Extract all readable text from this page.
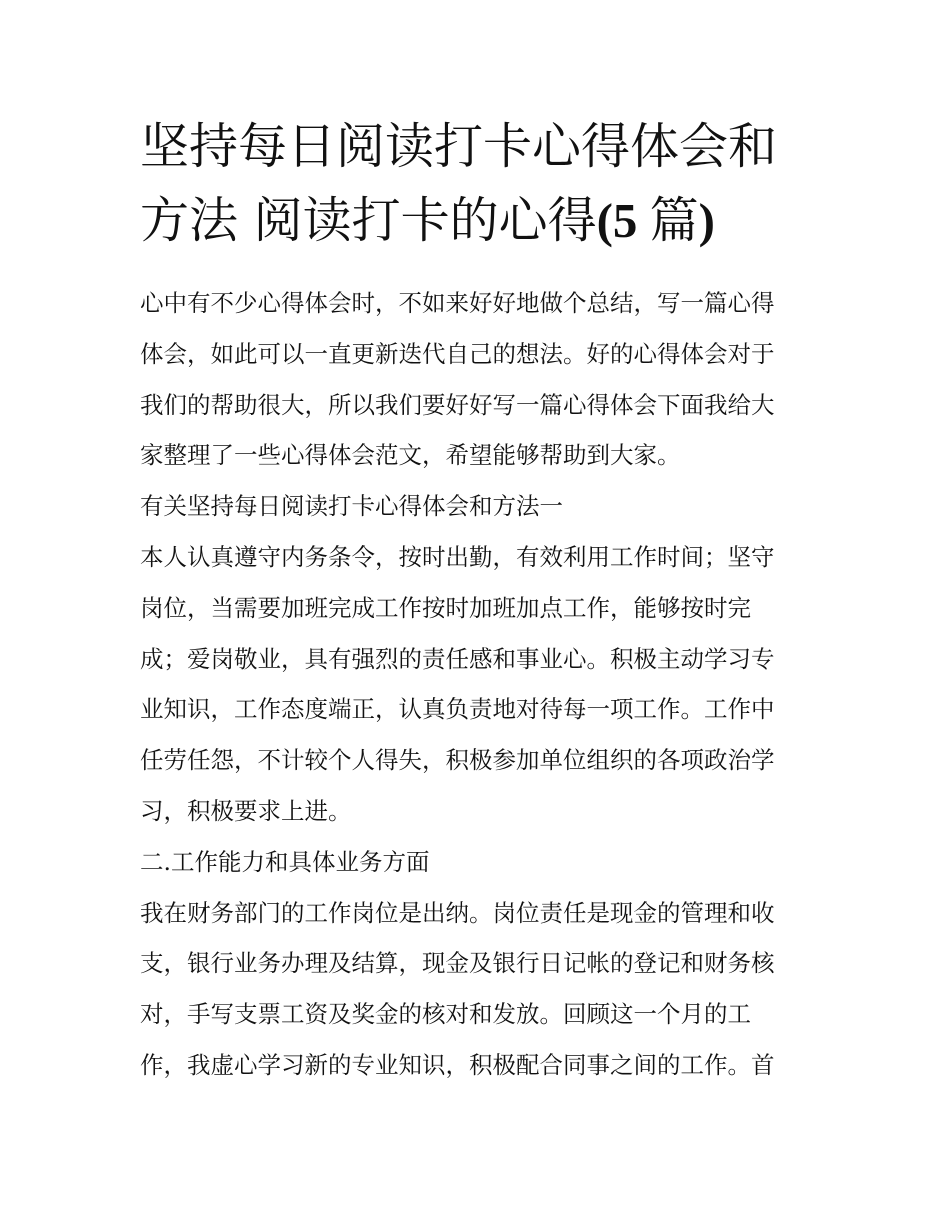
坚持每日阅读打卡心得体会和
方法 阅读打卡的心得(5 篇)
心中有不少心得体会时，不如来好好地做个总结，写一篇心得
体会，如此可以一直更新迭代自己的想法。好的心得体会对于
我们的帮助很大，所以我们要好好写一篇心得体会下面我给大
家整理了一些心得体会范文，希望能够帮助到大家。
有关坚持每日阅读打卡心得体会和方法一
本人认真遵守内务条令，按时出勤，有效利用工作时间；坚守
岗位，当需要加班完成工作按时加班加点工作，能够按时完
成；爱岗敬业，具有强烈的责任感和事业心。积极主动学习专
业知识，工作态度端正，认真负责地对待每一项工作。工作中
任劳任怨，不计较个人得失，积极参加单位组织的各项政治学
习，积极要求上进。
二.工作能力和具体业务方面
我在财务部门的工作岗位是出纳。岗位责任是现金的管理和收
支，银行业务办理及结算，现金及银行日记帐的登记和财务核
对，手写支票工资及奖金的核对和发放。回顾这一个月的工
作，我虚心学习新的专业知识，积极配合同事之间的工作。首
